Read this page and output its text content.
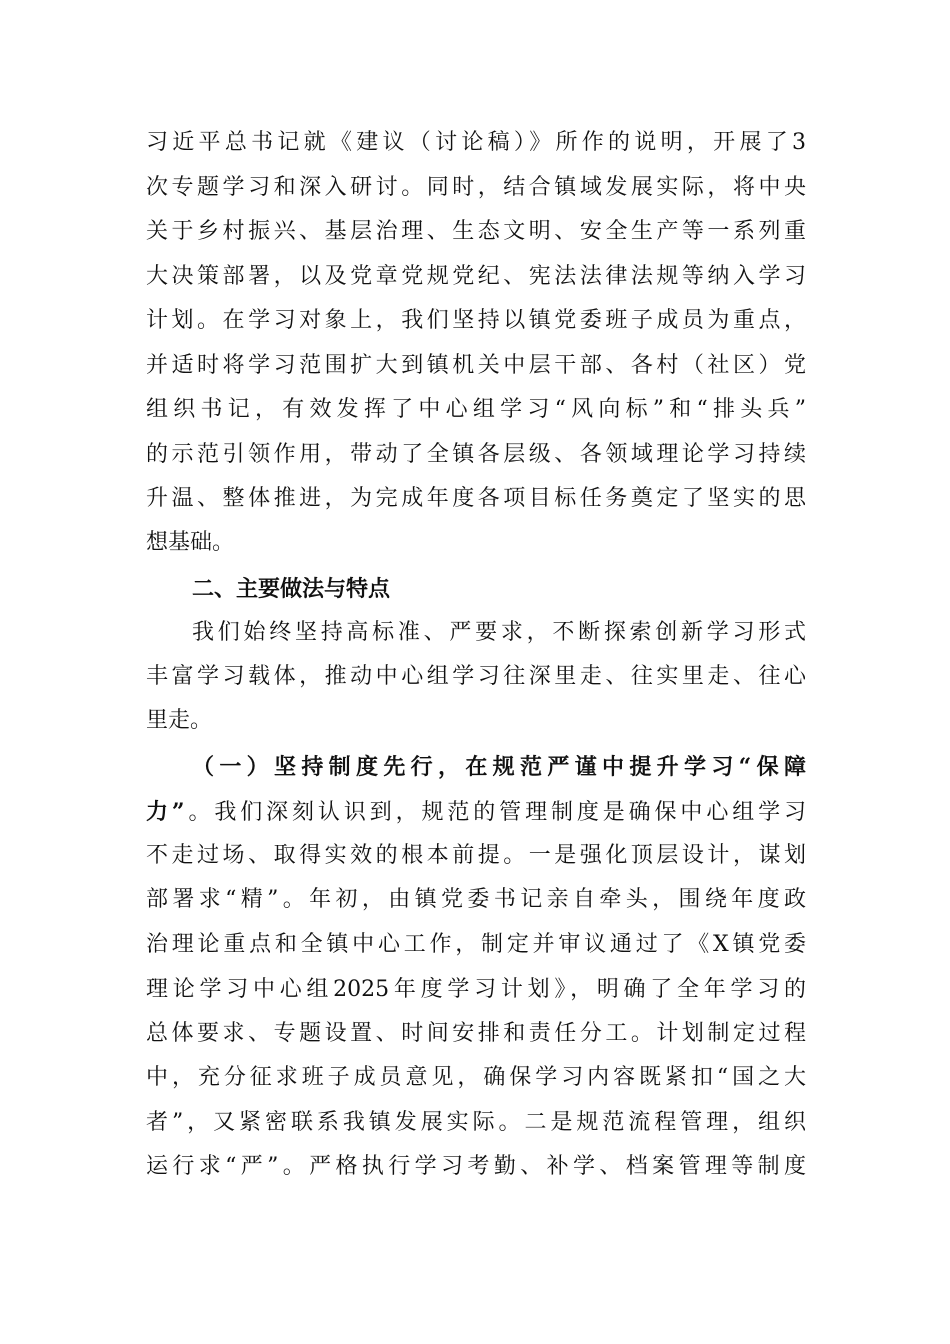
习近平总书记就《建议（讨论稿）》所作的说明，开展了3
次专题学习和深入研讨。同时，结合镇域发展实际，将中央
关于乡村振兴、基层治理、生态文明、安全生产等一系列重
大决策部署，以及党章党规党纪、宪法法律法规等纳入学习
计划。在学习对象上，我们坚持以镇党委班子成员为重点，
并适时将学习范围扩大到镇机关中层干部、各村（社区）党
组织书记，有效发挥了中心组学习“风向标”和“排头兵”
的示范引领作用，带动了全镇各层级、各领域理论学习持续
升温、整体推进，为完成年度各项目标任务奠定了坚实的思
想基础。
二、主要做法与特点
我们始终坚持高标准、严要求，不断探索创新学习形式
丰富学习载体，推动中心组学习往深里走、往实里走、往心
里走。
（一）坚持制度先行，在规范严谨中提升学习“保障
力”。我们深刻认识到，规范的管理制度是确保中心组学习
不走过场、取得实效的根本前提。一是强化顶层设计，谋划
部署求“精”。年初，由镇党委书记亲自牵头，围绕年度政
治理论重点和全镇中心工作，制定并审议通过了《X镇党委
理论学习中心组2025年度学习计划》，明确了全年学习的
总体要求、专题设置、时间安排和责任分工。计划制定过程
中，充分征求班子成员意见，确保学习内容既紧扣“国之大
者”，又紧密联系我镇发展实际。二是规范流程管理，组织
运行求“严”。严格执行学习考勤、补学、档案管理等制度
